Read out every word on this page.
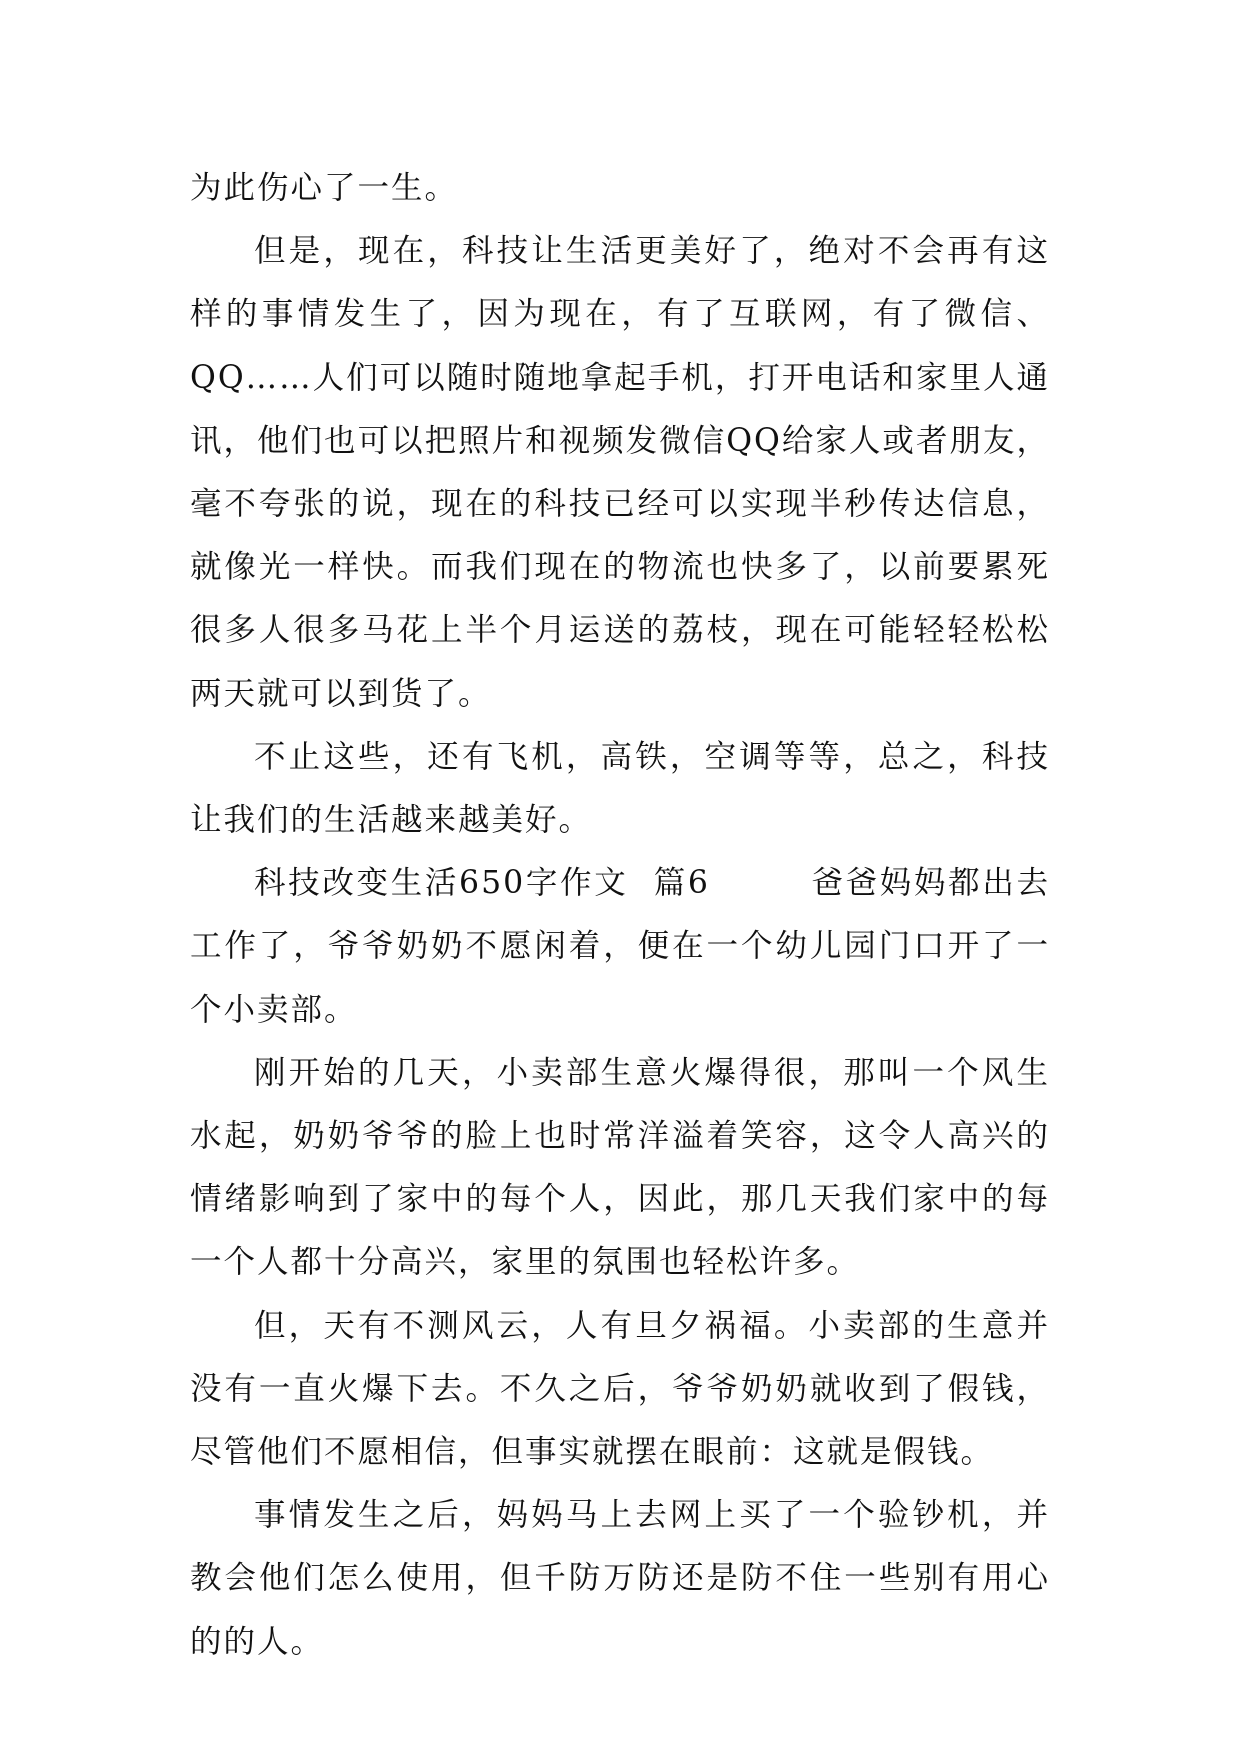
为此伤心了一生。

但是，现在，科技让生活更美好了，绝对不会再有这样的事情发生了，因为现在，有了互联网，有了微信、QQ……人们可以随时随地拿起手机，打开电话和家里人通讯，他们也可以把照片和视频发微信QQ给家人或者朋友，毫不夸张的说，现在的科技已经可以实现半秒传达信息，就像光一样快。而我们现在的物流也快多了，以前要累死很多人很多马花上半个月运送的荔枝，现在可能轻轻松松两天就可以到货了。

不止这些，还有飞机，高铁，空调等等，总之，科技让我们的生活越来越美好。

科技改变生活650字作文  篇6        爸爸妈妈都出去工作了，爷爷奶奶不愿闲着，便在一个幼儿园门口开了一个小卖部。

刚开始的几天，小卖部生意火爆得很，那叫一个风生水起，奶奶爷爷的脸上也时常洋溢着笑容，这令人高兴的情绪影响到了家中的每个人，因此，那几天我们家中的每一个人都十分高兴，家里的氛围也轻松许多。

但，天有不测风云，人有旦夕祸福。小卖部的生意并没有一直火爆下去。不久之后，爷爷奶奶就收到了假钱，尽管他们不愿相信，但事实就摆在眼前：这就是假钱。

事情发生之后，妈妈马上去网上买了一个验钞机，并教会他们怎么使用，但千防万防还是防不住一些别有用心的的人。
